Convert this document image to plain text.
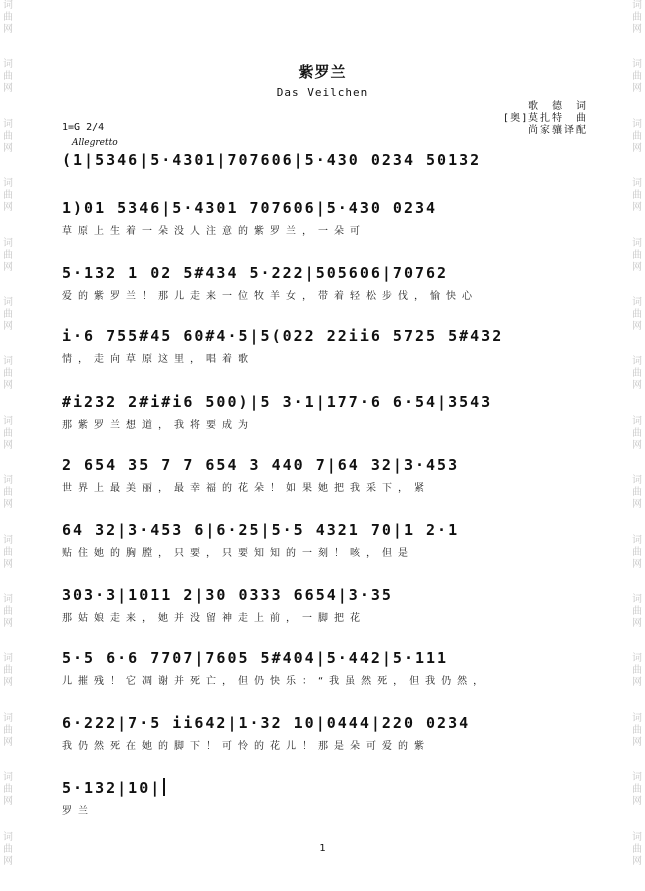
词
曲
网
词
曲
网
词
曲
网
词
曲
网
词
曲
网
词
曲
网
词
曲
网
词
曲
网
词
曲
网
词
曲
网
词
曲
网
词
曲
网
词
曲
网
词
曲
网
词
曲
网
词
曲
网
词
曲
网
词
曲
网
词
曲
网
词
曲
网
词
曲
网
词
曲
网
词
曲
网
词
曲
网
词
曲
网
词
曲
网
词
曲
网
词
曲
网
词
曲
网
词
曲
网
紫罗兰
Das Veilchen
歌　德　词
[奥]莫扎特　曲
尚家骧译配
1=G 2/4
Allegretto
(1|5346|5·4301|707606|5·430 0234 50132
1)01 5346|5·4301 707606|5·430 0234
草原上生着一朵没人注意的紫罗兰，一朵可
5·132 1 02 5#434 5·222|505606|70762
爱的紫罗兰！那儿走来一位牧羊女，带着轻松步伐，愉快心
i·6 755#45 60#4·5|5(022 22ii6 5725 5#432
情，走向草原这里，唱着歌
#i232 2#i#i6 500)|5 3·1|177·6 6·54|3543
那紫罗兰想道，我将要成为
2 654 35 7 7 654 3 440 7|64 32|3·453
世界上最美丽，最幸福的花朵！如果她把我采下，紧
64 32|3·453 6|6·25|5·5 4321 70|1 2·1
贴住她的胸膛，只要，只要知知的一刻！咳，但是
303·3|1011 2|30 0333 6654|3·35
那姑娘走来，她并没留神走上前，一脚把花
5·5 6·6 7707|7605 5#404|5·442|5·111
儿摧残！它凋谢并死亡，但仍快乐：“我虽然死，但我仍然，
6·222|7·5 ii642|1·32 10|0444|220 0234
我仍然死在她的脚下！可怜的花儿！那是朵可爱的紫
5·132|10|
罗兰
1
